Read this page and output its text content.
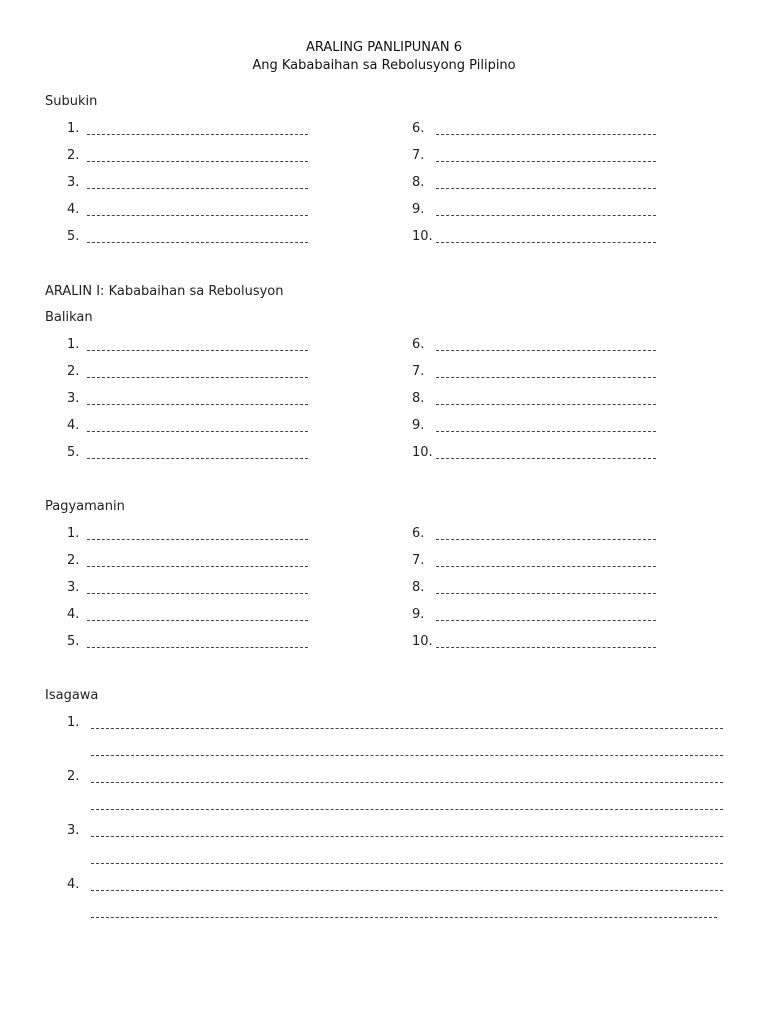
ARALING PANLIPUNAN 6
Ang Kababaihan sa Rebolusyong Pilipino
Subukin
1.
2.
3.
4.
5.
6.
7.
8.
9.
10.
ARALIN I: Kababaihan sa Rebolusyon
Balikan
1.
2.
3.
4.
5.
6.
7.
8.
9.
10.
Pagyamanin
1.
2.
3.
4.
5.
6.
7.
8.
9.
10.
Isagawa
1.
2.
3.
4.
